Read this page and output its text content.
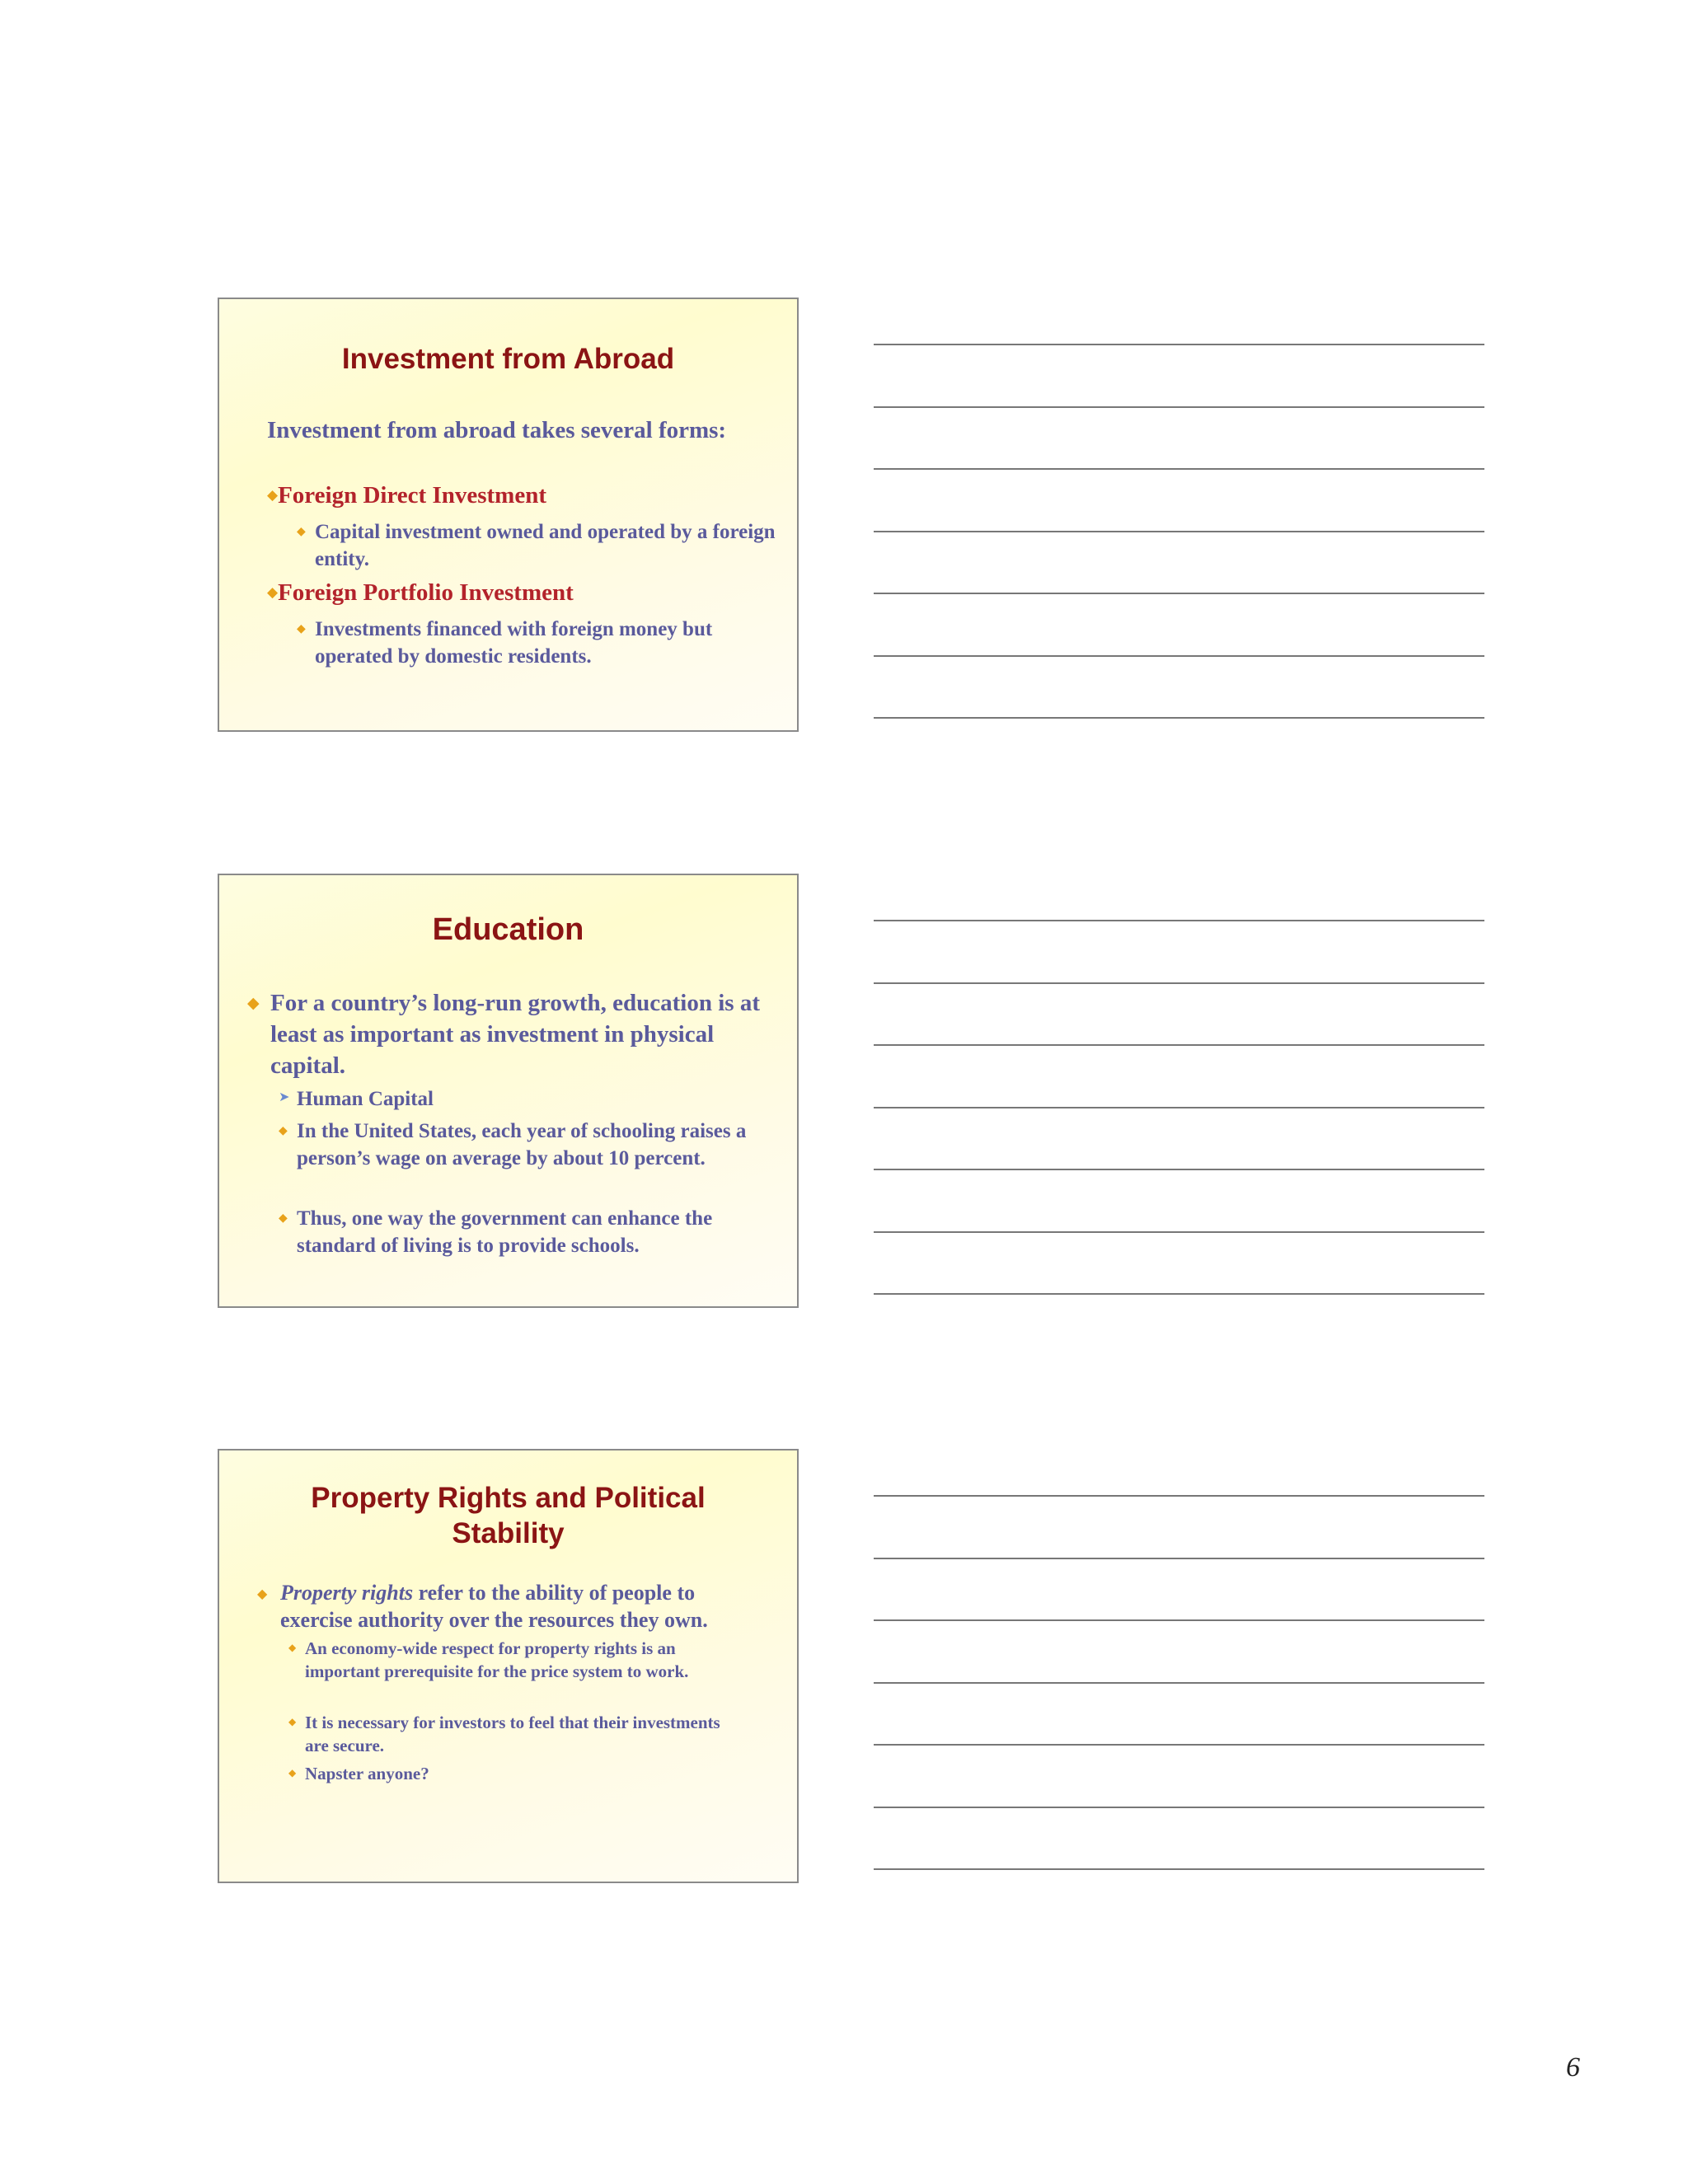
Investment from Abroad

Investment from abroad takes several forms:

◆Foreign Direct Investment
◆ Capital investment owned and operated by a foreign entity.

◆Foreign Portfolio Investment
◆ Investments financed with foreign money but operated by domestic residents.

Education
◆ For a country’s long-run growth, education is at least as important as investment in physical capital.

➤ Human Capital

◆ In the United States, each year of schooling raises a person’s wage on average by about 10 percent.

◆ Thus, one way the government can enhance the standard of living is to provide schools.

Property Rights and Political Stability
◆ Property rights refer to the ability of people to exercise authority over the resources they own.

◆ An economy-wide respect for property rights is an important prerequisite for the price system to work.

◆ It is necessary for investors to feel that their investments are secure.

◆ Napster anyone?

6
